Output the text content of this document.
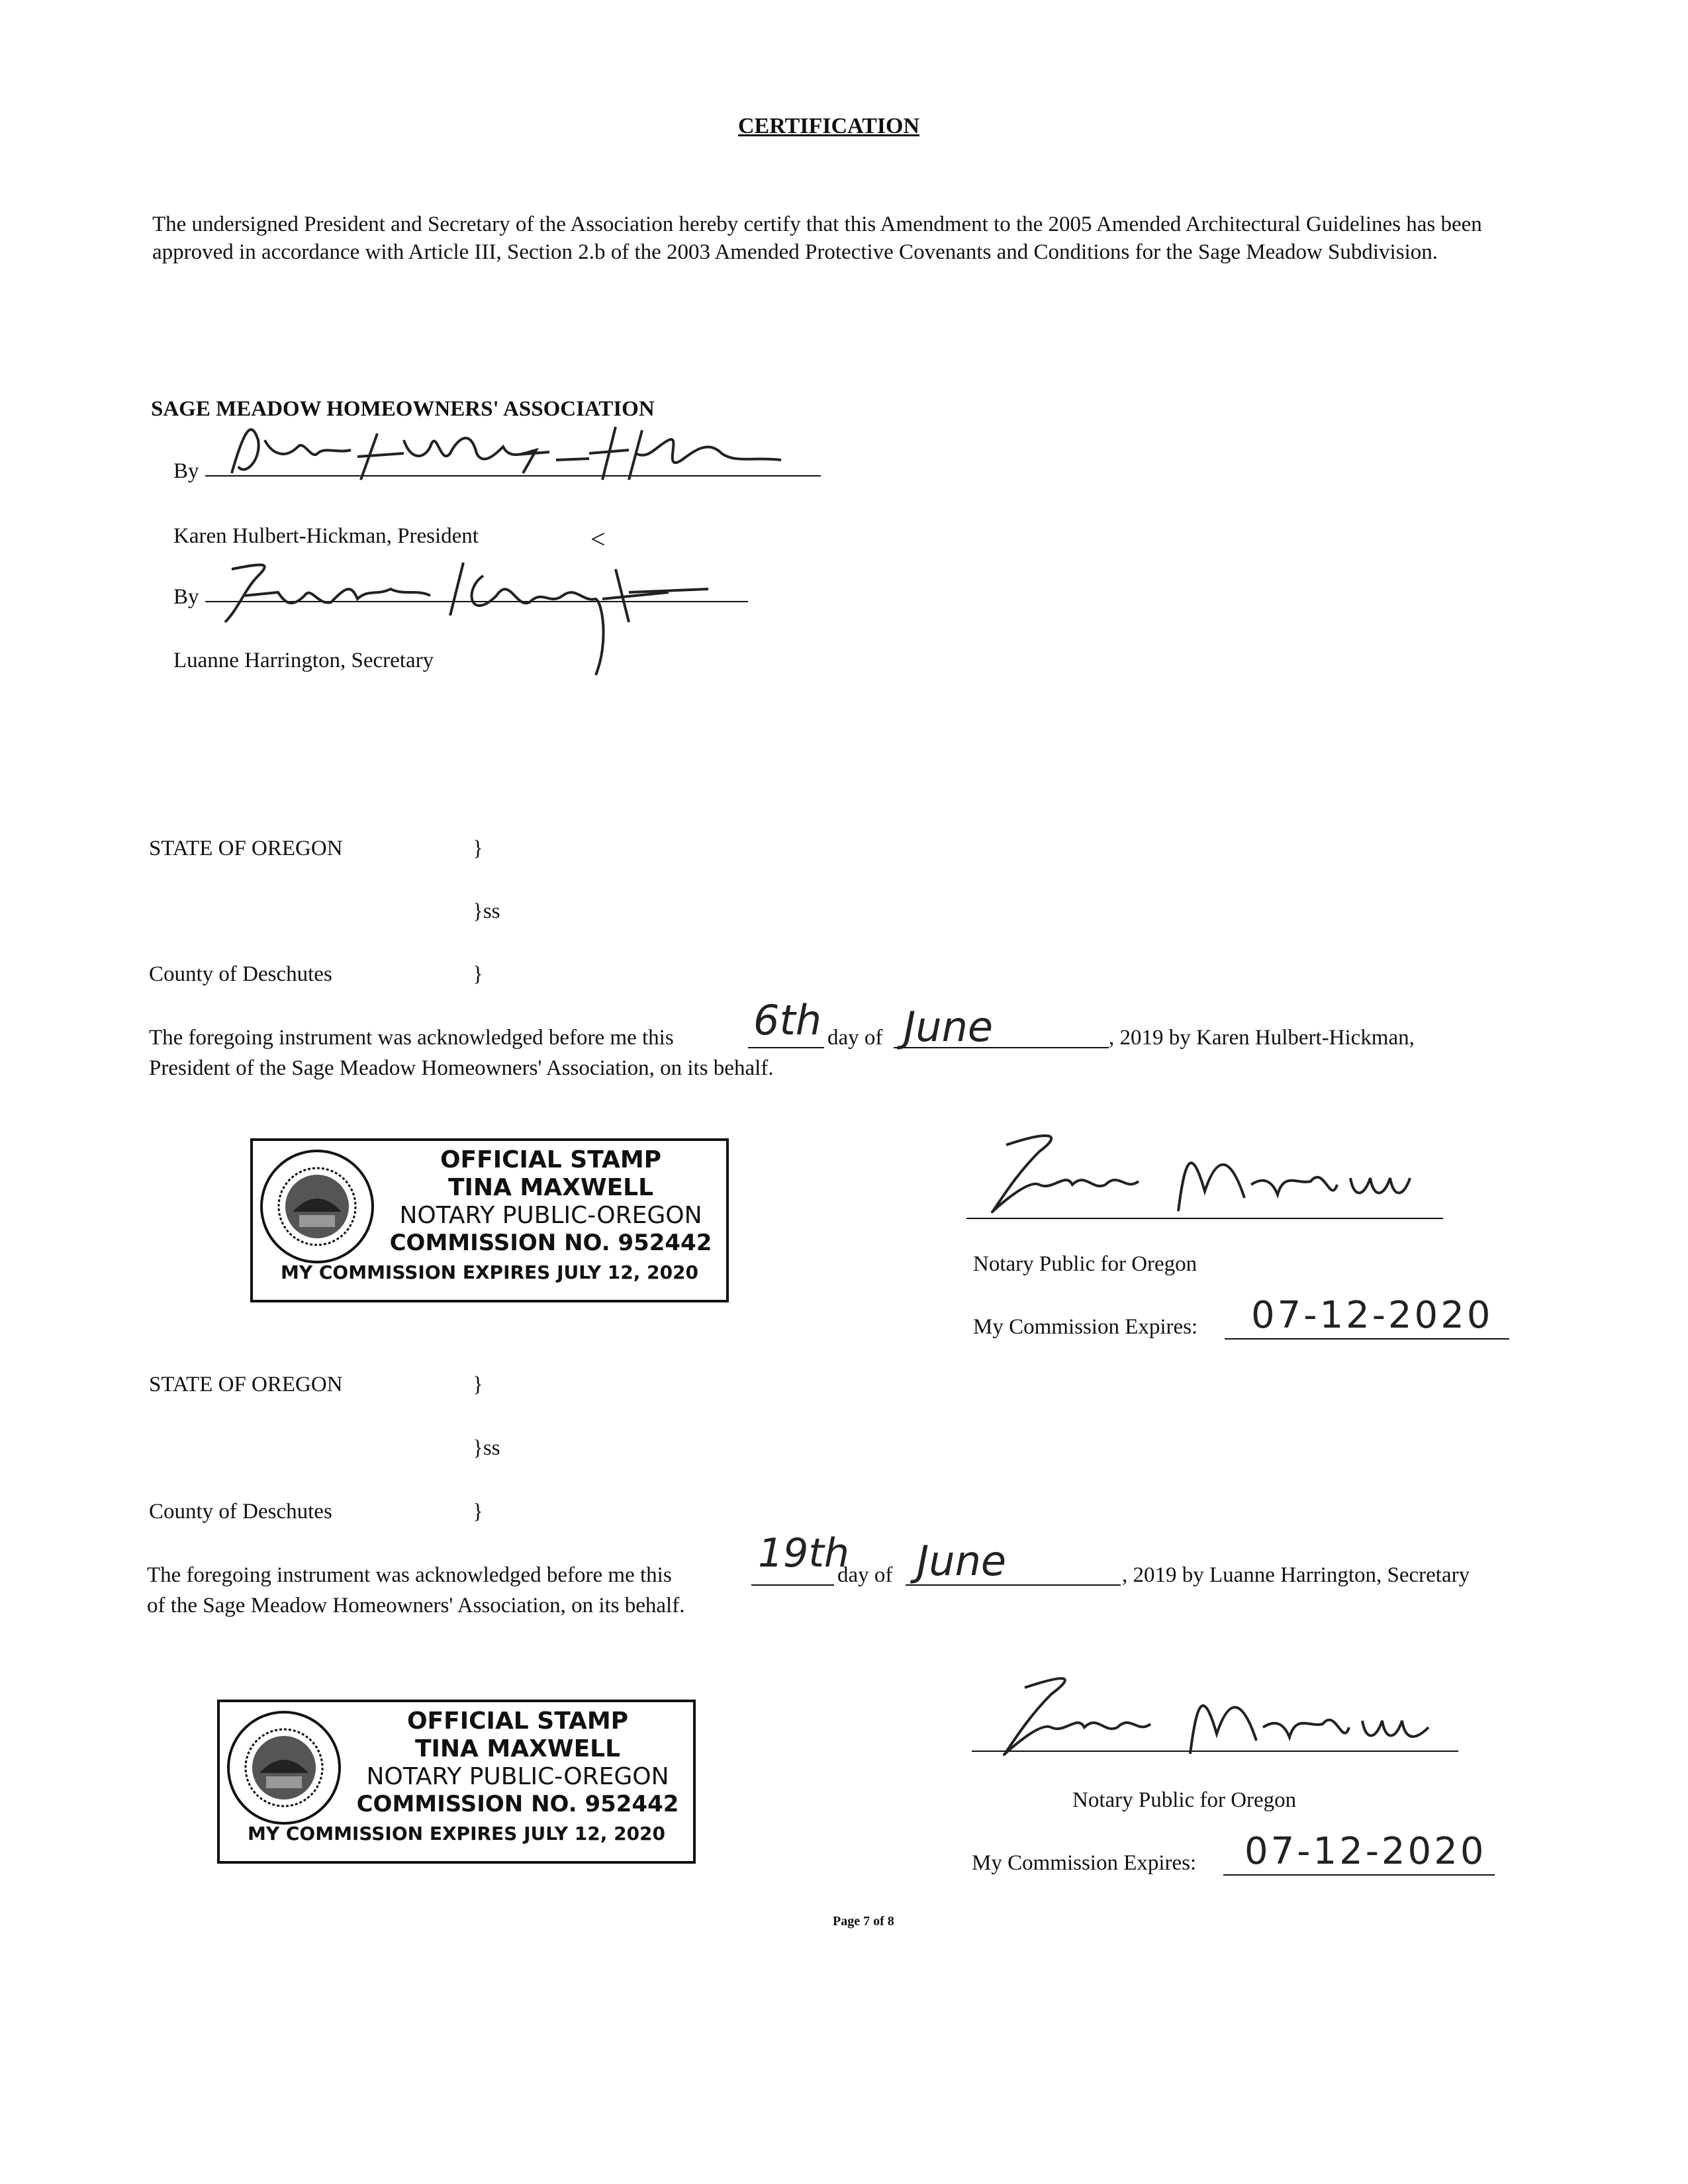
CERTIFICATION
The undersigned President and Secretary of the Association hereby certify that this Amendment to the 2005 Amended Architectural Guidelines has been approved in accordance with Article III, Section 2.b of the 2003 Amended Protective Covenants and Conditions for the Sage Meadow Subdivision.
SAGE MEADOW HOMEOWNERS' ASSOCIATION
By
Karen Hulbert-Hickman, President	<
By
Luanne Harrington, Secretary
STATE OF OREGON	}
}ss
County of Deschutes	}
The foregoing instrument was acknowledged before me this 6th day of June	, 2019 by Karen Hulbert-Hickman,
President of the Sage Meadow Homeowners' Association, on its behalf.
OFFICIAL STAMP
TINA MAXWELL
NOTARY PUBLIC-OREGON
COMMISSION NO. 952442
MY COMMISSION EXPIRES JULY 12, 2020	Notary Public for Oregon
My Commission Expires: 07-12-2020
STATE OF OREGON	}
}ss
County of Deschutes	}
The foregoing instrument was acknowledged before me this 19th
day of June	, 2019 by Luanne Harrington, Secretary
of the Sage Meadow Homeowners' Association, on its behalf.
OFFICIAL STAMP
TINA MAXWELL
NOTARY PUBLIC-OREGON
COMMISSION NO. 952442
MY COMMISSION EXPIRES JULY 12, 2020
Notary Public for Oregon
My Commission Expires: 07-12-2020
Page 7 of 8
